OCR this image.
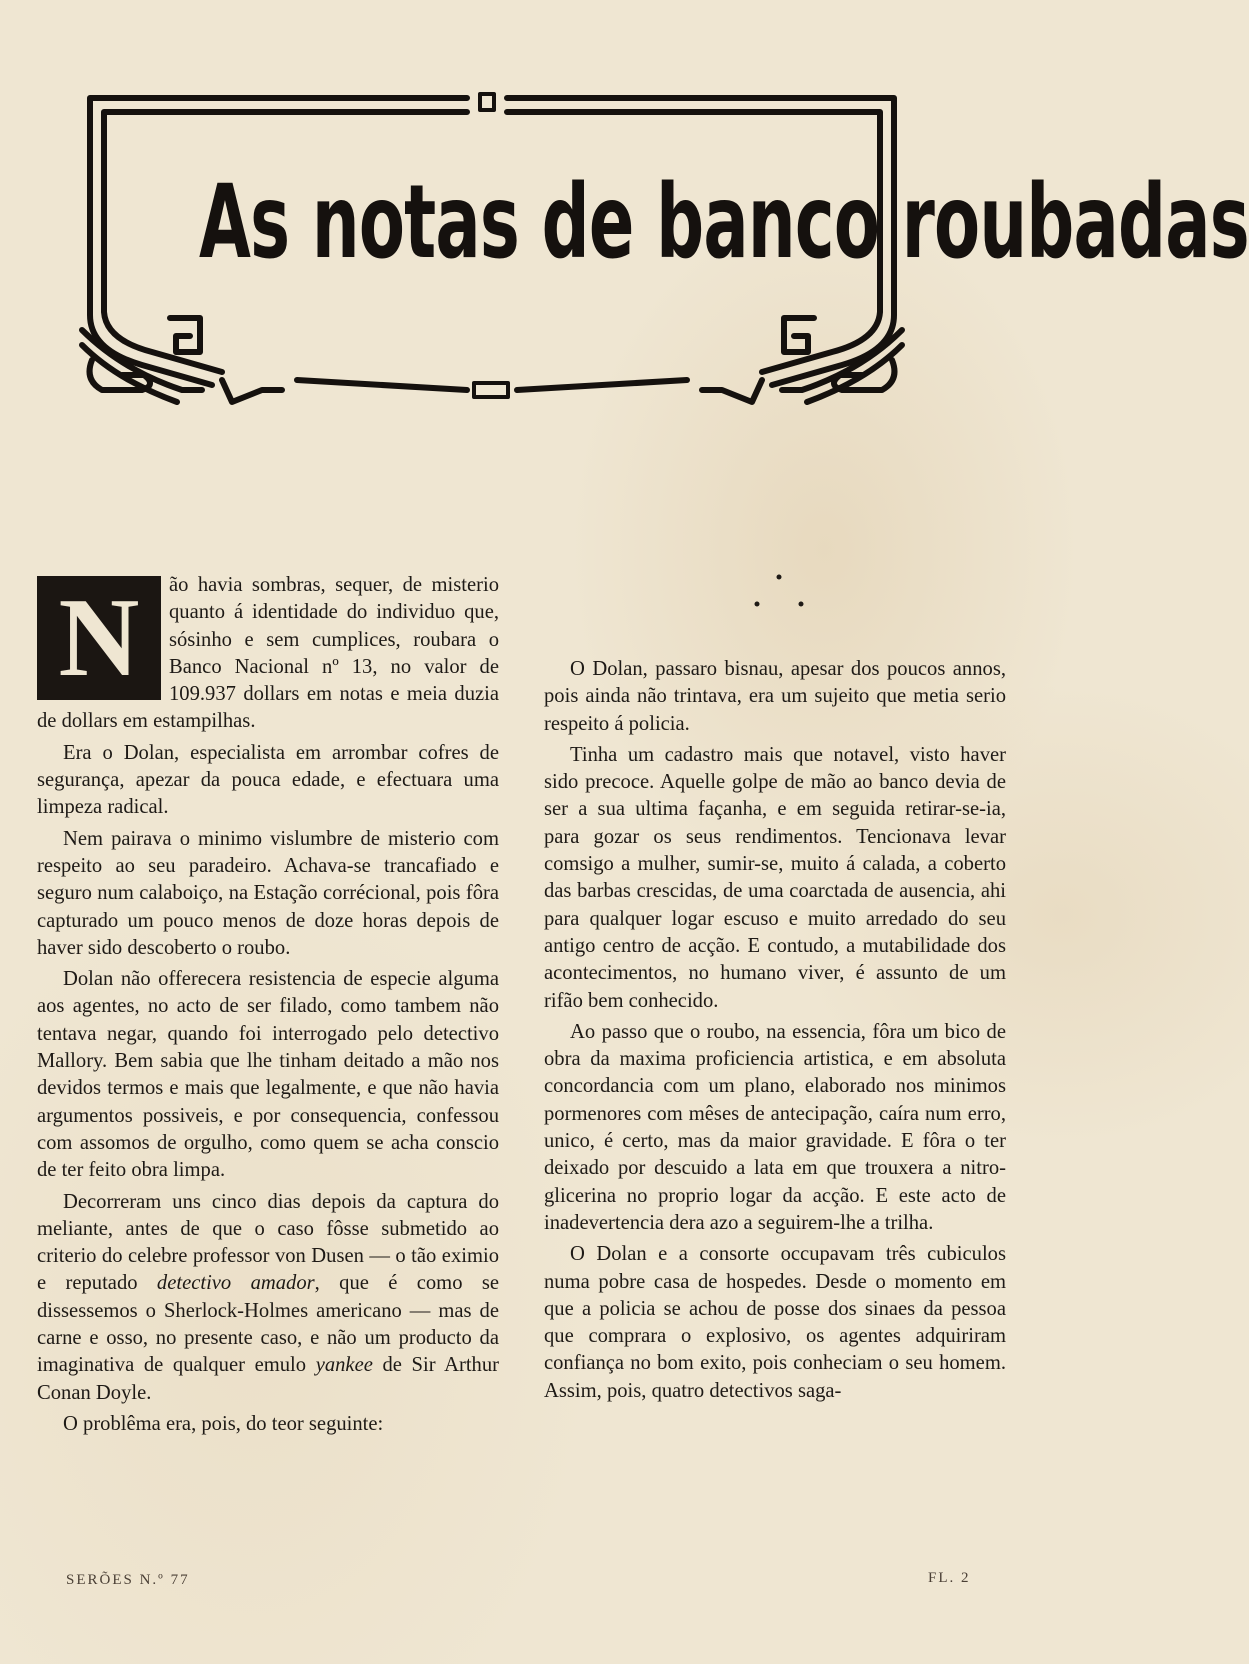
As notas de banco roubadas

N	ão havia sombras, sequer, de misterio quanto á identidade do individuo que, sósinho e sem cumplices, roubara o Banco Nacional nº 13, no valor de 109.937 dollars em notas e meia duzia de dollars em estampilhas.

Era o Dolan, especialista em arrombar cofres de segurança, apezar da pouca edade, e efectuara uma limpeza radical.

Nem pairava o minimo vislumbre de misterio com respeito ao seu paradeiro. Achava-se trancafiado e seguro num calaboiço, na Estação corrécional, pois fôra capturado um pouco menos de doze horas depois de haver sido descoberto o roubo.

Dolan não offerecera resistencia de especie alguma aos agentes, no acto de ser filado, como tambem não tentava negar, quando foi interrogado pelo detectivo Mallory. Bem sabia que lhe tinham deitado a mão nos devidos termos e mais que legalmente, e que não havia argumentos possiveis, e por consequencia, confessou com assomos de orgulho, como quem se acha conscio de ter feito obra limpa.

Decorreram uns cinco dias depois da captura do meliante, antes de que o caso fôsse submetido ao criterio do celebre professor von Dusen — o tão eximio e reputado detectivo amador, que é como se dissessemos o Sherlock-Holmes americano — mas de carne e osso, no presente caso, e não um producto da imaginativa de qualquer emulo yankee de Sir Arthur Conan Doyle.

O problêma era, pois, do teor seguinte:

O Dolan, passaro bisnau, apesar dos poucos annos, pois ainda não trintava, era um sujeito que metia serio respeito á policia.

Tinha um cadastro mais que notavel, visto haver sido precoce. Aquelle golpe de mão ao banco devia de ser a sua ultima façanha, e em seguida retirar-se-ia, para gozar os seus rendimentos. Tencionava levar comsigo a mulher, sumir-se, muito á calada, a coberto das barbas crescidas, de uma coarctada de ausencia, ahi para qualquer logar escuso e muito arredado do seu antigo centro de acção. E contudo, a mutabilidade dos acontecimentos, no humano viver, é assunto de um rifão bem conhecido.

Ao passo que o roubo, na essencia, fôra um bico de obra da maxima proficiencia artistica, e em absoluta concordancia com um plano, elaborado nos minimos pormenores com mêses de antecipação, caíra num erro, unico, é certo, mas da maior gravidade. E fôra o ter deixado por descuido a lata em que trouxera a nitro-glicerina no proprio logar da acção. E este acto de inadevertencia dera azo a seguirem-lhe a trilha.

O Dolan e a consorte occupavam três cubiculos numa pobre casa de hospedes. Desde o momento em que a policia se achou de posse dos sinaes da pessoa que comprara o explosivo, os agentes adquiriram confiança no bom exito, pois conheciam o seu homem. Assim, pois, quatro detectivos saga-

SERÕES N.º 77	FL. 2
